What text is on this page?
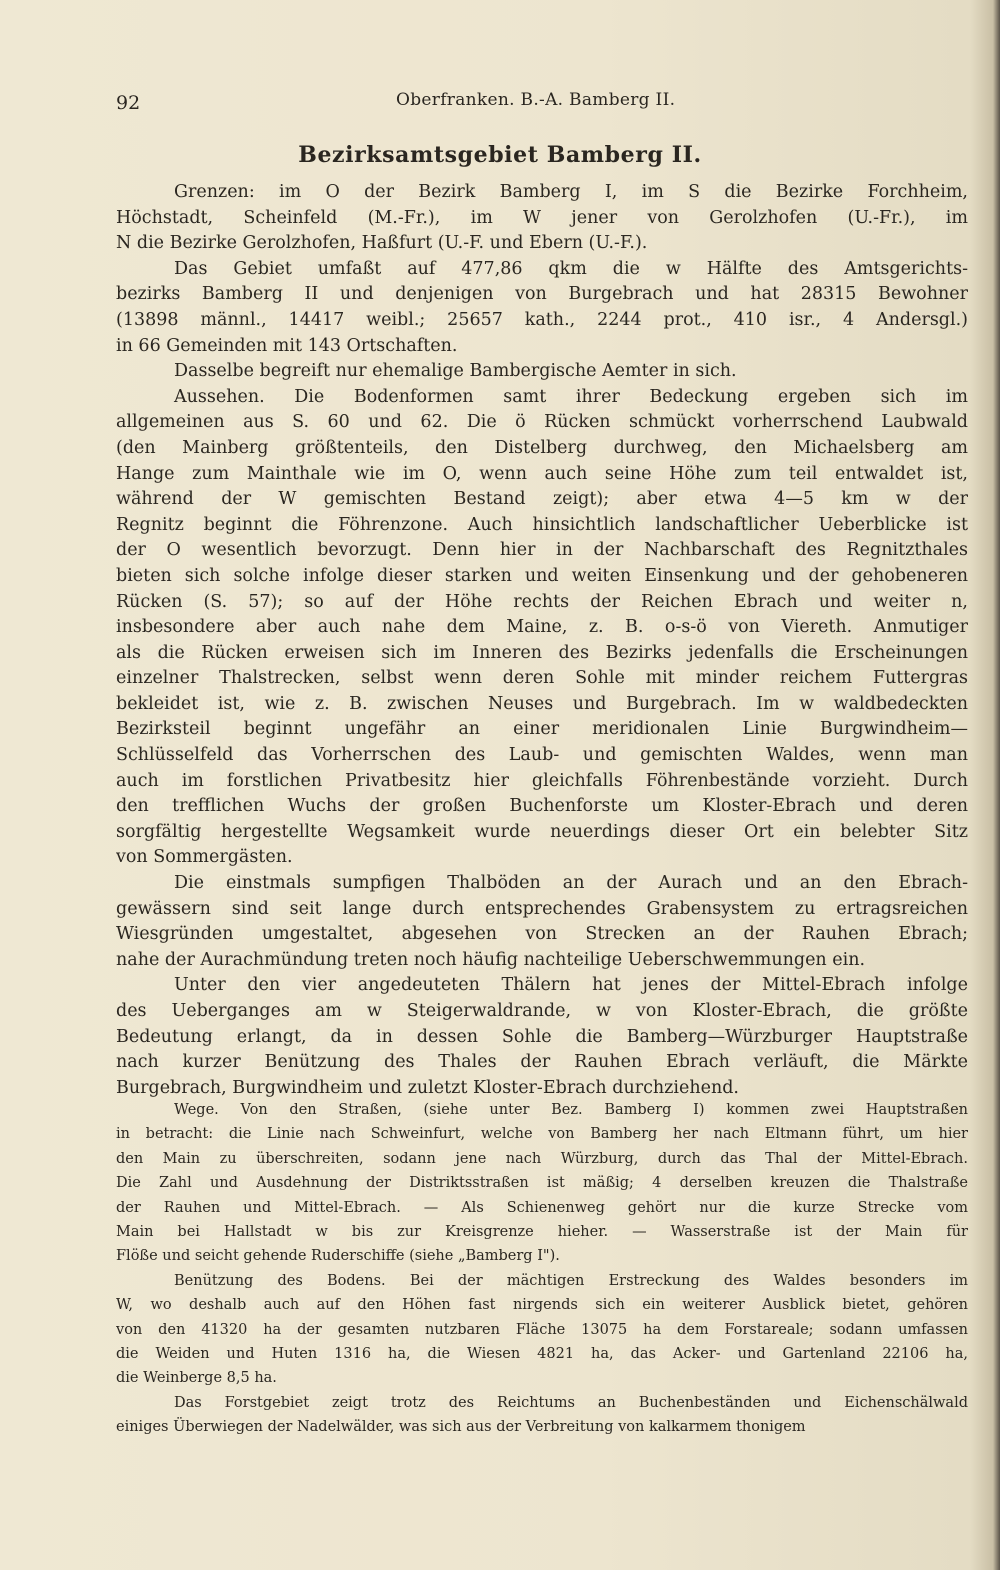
92	Oberfranken. B.-A. Bamberg II.
Bezirksamtsgebiet Bamberg II.
Grenzen: im O der Bezirk Bamberg I, im S die Bezirke Forchheim,
Höchstadt, Scheinfeld (M.-Fr.), im W jener von Gerolzhofen (U.-Fr.), im
N die Bezirke Gerolzhofen, Haßfurt (U.-F. und Ebern (U.-F.).
Das Gebiet umfaßt auf 477,86 qkm die w Hälfte des Amtsgerichts-
bezirks Bamberg II und denjenigen von Burgebrach und hat 28315 Bewohner
(13898 männl., 14417 weibl.; 25657 kath., 2244 prot., 410 isr., 4 Andersgl.)
in 66 Gemeinden mit 143 Ortschaften.
Dasselbe begreift nur ehemalige Bambergische Aemter in sich.
Aussehen. Die Bodenformen samt ihrer Bedeckung ergeben sich im
allgemeinen aus S. 60 und 62. Die ö Rücken schmückt vorherrschend Laubwald
(den Mainberg größtenteils, den Distelberg durchweg, den Michaelsberg am
Hange zum Mainthale wie im O, wenn auch seine Höhe zum teil entwaldet ist,
während der W gemischten Bestand zeigt); aber etwa 4—5 km w der
Regnitz beginnt die Föhrenzone. Auch hinsichtlich landschaftlicher Ueberblicke ist
der O wesentlich bevorzugt. Denn hier in der Nachbarschaft des Regnitzthales
bieten sich solche infolge dieser starken und weiten Einsenkung und der gehobeneren
Rücken (S. 57); so auf der Höhe rechts der Reichen Ebrach und weiter n,
insbesondere aber auch nahe dem Maine, z. B. o-s-ö von Viereth. Anmutiger
als die Rücken erweisen sich im Inneren des Bezirks jedenfalls die Erscheinungen
einzelner Thalstrecken, selbst wenn deren Sohle mit minder reichem Futtergras
bekleidet ist, wie z. B. zwischen Neuses und Burgebrach. Im w waldbedeckten
Bezirksteil beginnt ungefähr an einer meridionalen Linie Burgwindheim—
Schlüsselfeld das Vorherrschen des Laub- und gemischten Waldes, wenn man
auch im forstlichen Privatbesitz hier gleichfalls Föhrenbestände vorzieht. Durch
den trefflichen Wuchs der großen Buchenforste um Kloster-Ebrach und deren
sorgfältig hergestellte Wegsamkeit wurde neuerdings dieser Ort ein belebter Sitz
von Sommergästen.
Die einstmals sumpfigen Thalböden an der Aurach und an den Ebrach-
gewässern sind seit lange durch entsprechendes Grabensystem zu ertragsreichen
Wiesgründen umgestaltet, abgesehen von Strecken an der Rauhen Ebrach;
nahe der Aurachmündung treten noch häufig nachteilige Ueberschwemmungen ein.
Unter den vier angedeuteten Thälern hat jenes der Mittel-Ebrach infolge
des Ueberganges am w Steigerwaldrande, w von Kloster-Ebrach, die größte
Bedeutung erlangt, da in dessen Sohle die Bamberg—Würzburger Hauptstraße
nach kurzer Benützung des Thales der Rauhen Ebrach verläuft, die Märkte
Burgebrach, Burgwindheim und zuletzt Kloster-Ebrach durchziehend.
Wege. Von den Straßen, (siehe unter Bez. Bamberg I) kommen zwei Hauptstraßen
in betracht: die Linie nach Schweinfurt, welche von Bamberg her nach Eltmann führt, um hier
den Main zu überschreiten, sodann jene nach Würzburg, durch das Thal der Mittel-Ebrach.
Die Zahl und Ausdehnung der Distriktsstraßen ist mäßig; 4 derselben kreuzen die Thalstraße
der Rauhen und Mittel-Ebrach. — Als Schienenweg gehört nur die kurze Strecke vom
Main bei Hallstadt w bis zur Kreisgrenze hieher. — Wasserstraße ist der Main für
Flöße und seicht gehende Ruderschiffe (siehe „Bamberg I").
Benützung des Bodens. Bei der mächtigen Erstreckung des Waldes besonders im
W, wo deshalb auch auf den Höhen fast nirgends sich ein weiterer Ausblick bietet, gehören
von den 41320 ha der gesamten nutzbaren Fläche 13075 ha dem Forstareale; sodann umfassen
die Weiden und Huten 1316 ha, die Wiesen 4821 ha, das Acker- und Gartenland 22106 ha,
die Weinberge 8,5 ha.
Das Forstgebiet zeigt trotz des Reichtums an Buchenbeständen und Eichenschälwald
einiges Überwiegen der Nadelwälder, was sich aus der Verbreitung von kalkarmem thonigem
